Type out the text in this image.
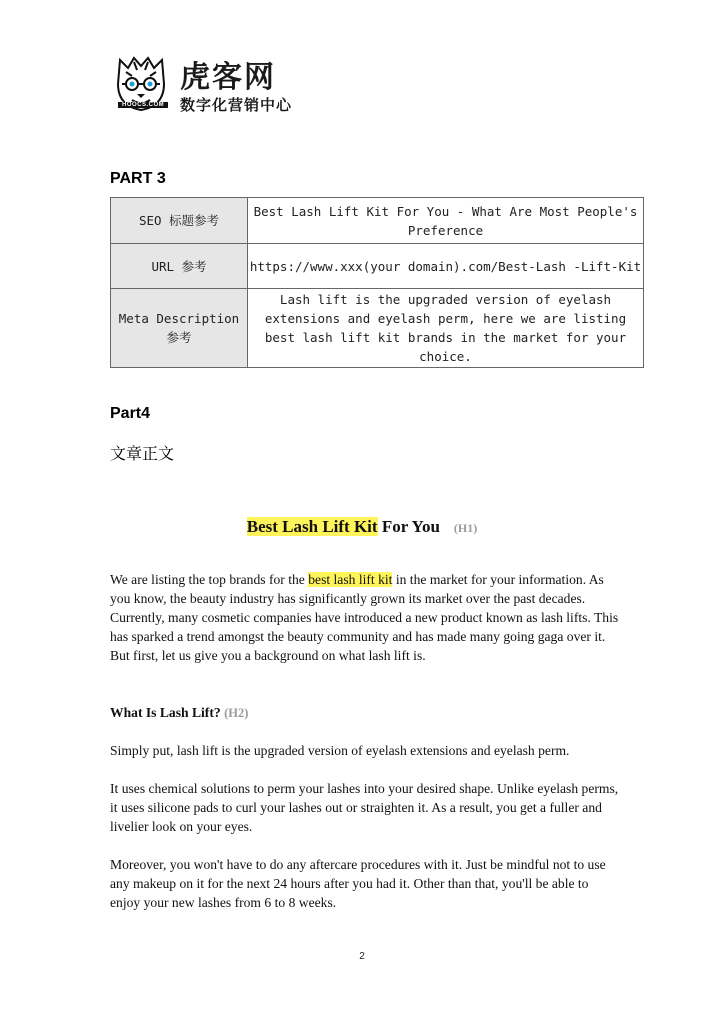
HOOCS.COM
虎客网
数字化营销中心
PART 3
SEO 标题参考	Best Lash Lift Kit For You - What Are Most People's Preference
URL 参考	https://www.xxx(your domain).com/Best-Lash -Lift-Kit
Meta Description 参考	Lash lift is the upgraded version of eyelash extensions and eyelash perm, here we are listing best lash lift kit brands in the market for your choice.
Part4
文章正文
Best Lash Lift Kit For You (H1)

We are listing the top brands for the best lash lift kit in the market for your information. As you know, the beauty industry has significantly grown its market over the past decades. Currently, many cosmetic companies have introduced a new product known as lash lifts. This has sparked a trend amongst the beauty community and has made many going gaga over it. But first, let us give you a background on what lash lift is.

What Is Lash Lift? (H2)

Simply put, lash lift is the upgraded version of eyelash extensions and eyelash perm.

It uses chemical solutions to perm your lashes into your desired shape. Unlike eyelash perms, it uses silicone pads to curl your lashes out or straighten it. As a result, you get a fuller and livelier look on your eyes.

Moreover, you won't have to do any aftercare procedures with it. Just be mindful not to use any makeup on it for the next 24 hours after you had it. Other than that, you'll be able to enjoy your new lashes from 6 to 8 weeks.

2
